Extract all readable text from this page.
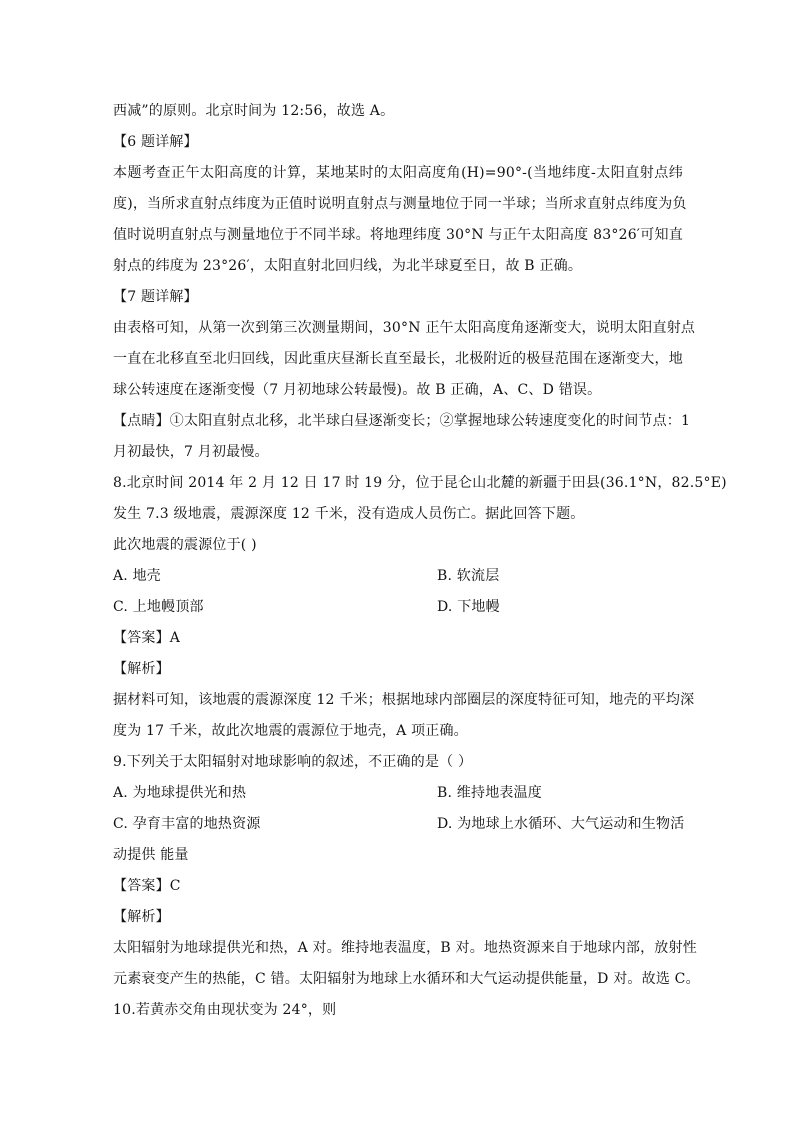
西减”的原则。北京时间为 12:56，故选 A。
【6 题详解】
本题考查正午太阳高度的计算，某地某时的太阳高度角(H)=90°-(当地纬度-太阳直射点纬
度)，当所求直射点纬度为正值时说明直射点与测量地位于同一半球；当所求直射点纬度为负
值时说明直射点与测量地位于不同半球。将地理纬度 30°N 与正午太阳高度 83°26′可知直
射点的纬度为 23°26′，太阳直射北回归线，为北半球夏至日，故 B 正确。
【7 题详解】
由表格可知，从第一次到第三次测量期间，30°N 正午太阳高度角逐渐变大，说明太阳直射点
一直在北移直至北归回线，因此重庆昼渐长直至最长，北极附近的极昼范围在逐渐变大，地
球公转速度在逐渐变慢（7 月初地球公转最慢)。故 B 正确，A、C、D 错误。
【点睛】①太阳直射点北移，北半球白昼逐渐变长；②掌握地球公转速度变化的时间节点：1
月初最快，7 月初最慢。
8.北京时间 2014 年 2 月 12 日 17 时 19 分，位于昆仑山北麓的新疆于田县(36.1°N，82.5°E)
发生 7.3 级地震，震源深度 12 千米，没有造成人员伤亡。据此回答下题。
此次地震的震源位于( )
A. 地壳	B. 软流层
C. 上地幔顶部	D. 下地幔
【答案】A
【解析】
据材料可知，该地震的震源深度 12 千米；根据地球内部圈层的深度特征可知，地壳的平均深
度为 17 千米，故此次地震的震源位于地壳，A 项正确。
9.下列关于太阳辐射对地球影响的叙述，不正确的是（ ）
A. 为地球提供光和热	B. 维持地表温度
C. 孕育丰富的地热资源	D. 为地球上水循环、大气运动和生物活
动提供 能量
【答案】C
【解析】
太阳辐射为地球提供光和热，A 对。维持地表温度，B 对。地热资源来自于地球内部，放射性
元素衰变产生的热能，C 错。太阳辐射为地球上水循环和大气运动提供能量，D 对。故选 C。
10.若黄赤交角由现状变为 24°，则
